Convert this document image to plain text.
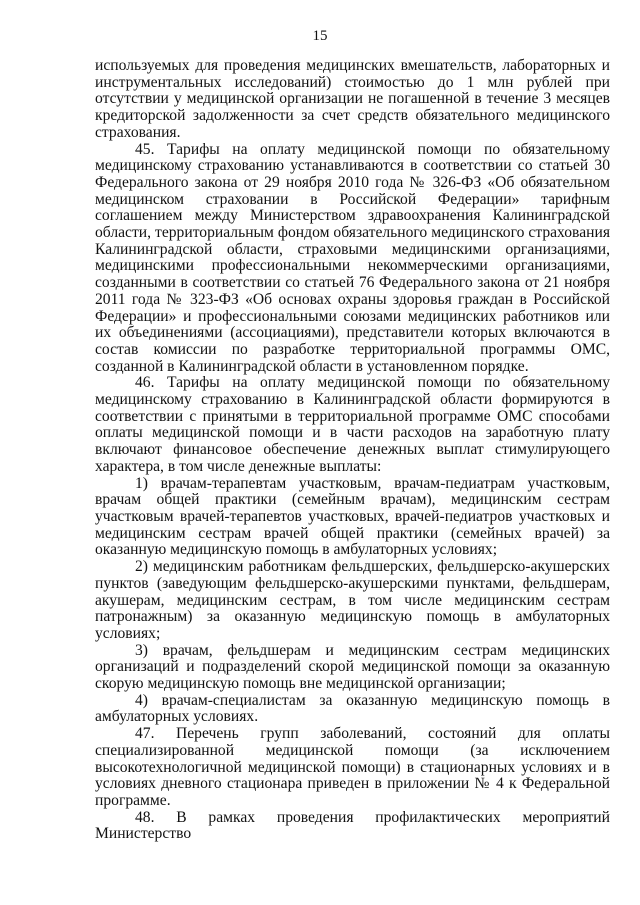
15

используемых для проведения медицинских вмешательств, лабораторных и инструментальных исследований) стоимостью до 1 млн рублей при отсутствии у медицинской организации не погашенной в течение 3 месяцев кредиторской задолженности за счет средств обязательного медицинского страхования.

45. Тарифы на оплату медицинской помощи по обязательному медицинскому страхованию устанавливаются в соответствии со статьей 30 Федерального закона от 29 ноября 2010 года № 326-ФЗ «Об обязательном медицинском страховании в Российской Федерации» тарифным соглашением между Министерством здравоохранения Калининградской области, территориальным фондом обязательного медицинского страхования Калининградской области, страховыми медицинскими организациями, медицинскими профессиональными некоммерческими организациями, созданными в соответствии со статьей 76 Федерального закона от 21 ноября 2011 года № 323-ФЗ «Об основах охраны здоровья граждан в Российской Федерации» и профессиональными союзами медицинских работников или их объединениями (ассоциациями), представители которых включаются в состав комиссии по разработке территориальной программы ОМС, созданной в Калининградской области в установленном порядке.

46. Тарифы на оплату медицинской помощи по обязательному медицинскому страхованию в Калининградской области формируются в соответствии с принятыми в территориальной программе ОМС способами оплаты медицинской помощи и в части расходов на заработную плату включают финансовое обеспечение денежных выплат стимулирующего характера, в том числе денежные выплаты:

1) врачам-терапевтам участковым, врачам-педиатрам участковым, врачам общей практики (семейным врачам), медицинским сестрам участковым врачей-терапевтов участковых, врачей-педиатров участковых и медицинским сестрам врачей общей практики (семейных врачей) за оказанную медицинскую помощь в амбулаторных условиях;

2) медицинским работникам фельдшерских, фельдшерско-акушерских пунктов (заведующим фельдшерско-акушерскими пунктами, фельдшерам, акушерам, медицинским сестрам, в том числе медицинским сестрам патронажным) за оказанную медицинскую помощь в амбулаторных условиях;

3) врачам, фельдшерам и медицинским сестрам медицинских организаций и подразделений скорой медицинской помощи за оказанную скорую медицинскую помощь вне медицинской организации;

4) врачам-специалистам за оказанную медицинскую помощь в амбулаторных условиях.

47. Перечень групп заболеваний, состояний для оплаты специализированной медицинской помощи (за исключением высокотехнологичной медицинской помощи) в стационарных условиях и в условиях дневного стационара приведен в приложении № 4 к Федеральной программе.

48. В рамках проведения профилактических мероприятий Министерство
